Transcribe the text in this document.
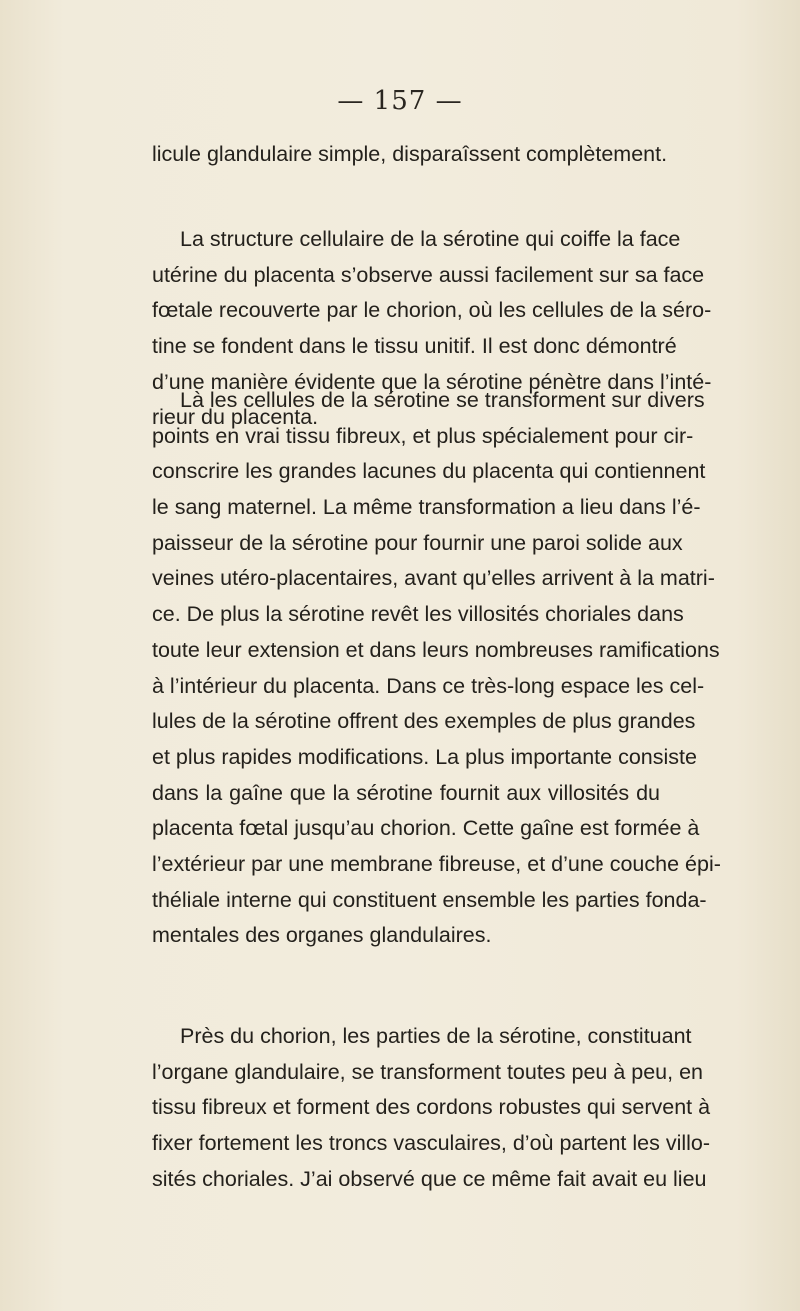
— 157 —
licule glandulaire simple, disparaîssent complètement.
La structure cellulaire de la sérotine qui coiffe la face
utérine du placenta s’observe aussi facilement sur sa face
fœtale recouverte par le chorion, où les cellules de la séro-
tine se fondent dans le tissu unitif. Il est donc démontré
d’une manière évidente que la sérotine pénètre dans l’inté-
rieur du placenta.
Là les cellules de la sérotine se transforment sur divers
points en vrai tissu fibreux, et plus spécialement pour cir-
conscrire les grandes lacunes du placenta qui contiennent
le sang maternel. La même transformation a lieu dans l’é-
paisseur de la sérotine pour fournir une paroi solide aux
veines utéro-placentaires, avant qu’elles arrivent à la matri-
ce. De plus la sérotine revêt les villosités choriales dans
toute leur extension et dans leurs nombreuses ramifications
à l’intérieur du placenta. Dans ce très-long espace les cel-
lules de la sérotine offrent des exemples de plus grandes
et plus rapides modifications. La plus importante consiste
dans la gaîne que la sérotine fournit aux villosités du
placenta fœtal jusqu’au chorion. Cette gaîne est formée à
l’extérieur par une membrane fibreuse, et d’une couche épi-
théliale interne qui constituent ensemble les parties fonda-
mentales des organes glandulaires.
Près du chorion, les parties de la sérotine, constituant
l’organe glandulaire, se transforment toutes peu à peu, en
tissu fibreux et forment des cordons robustes qui servent à
fixer fortement les troncs vasculaires, d’où partent les villo-
sités choriales. J’ai observé que ce même fait avait eu lieu
